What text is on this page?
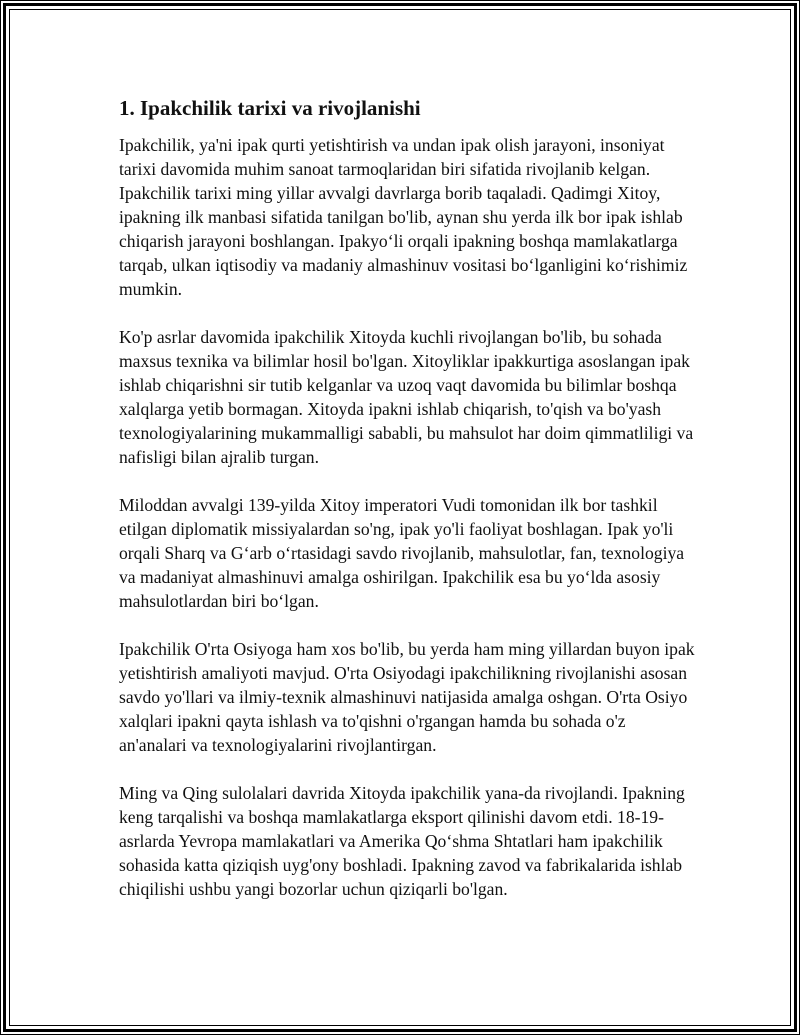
1. Ipakchilik tarixi va rivojlanishi

Ipakchilik, ya'ni ipak qurti yetishtirish va undan ipak olish jarayoni, insoniyat tarixi davomida muhim sanoat tarmoqlaridan biri sifatida rivojlanib kelgan. Ipakchilik tarixi ming yillar avvalgi davrlarga borib taqaladi. Qadimgi Xitoy, ipakning ilk manbasi sifatida tanilgan bo'lib, aynan shu yerda ilk bor ipak ishlab chiqarish jarayoni boshlangan. Ipakyo‘li orqali ipakning boshqa mamlakatlarga tarqab, ulkan iqtisodiy va madaniy almashinuv vositasi bo‘lganligini ko‘rishimiz mumkin.

Ko'p asrlar davomida ipakchilik Xitoyda kuchli rivojlangan bo'lib, bu sohada maxsus texnika va bilimlar hosil bo'lgan. Xitoyliklar ipakkurtiga asoslangan ipak ishlab chiqarishni sir tutib kelganlar va uzoq vaqt davomida bu bilimlar boshqa xalqlarga yetib bormagan. Xitoyda ipakni ishlab chiqarish, to'qish va bo'yash texnologiyalarining mukammalligi sababli, bu mahsulot har doim qimmatliligi va nafisligi bilan ajralib turgan.

Miloddan avvalgi 139-yilda Xitoy imperatori Vudi tomonidan ilk bor tashkil etilgan diplomatik missiyalardan so'ng, ipak yo'li faoliyat boshlagan. Ipak yo'li orqali Sharq va G‘arb o‘rtasidagi savdo rivojlanib, mahsulotlar, fan, texnologiya va madaniyat almashinuvi amalga oshirilgan. Ipakchilik esa bu yo‘lda asosiy mahsulotlardan biri bo‘lgan.

Ipakchilik O'rta Osiyoga ham xos bo'lib, bu yerda ham ming yillardan buyon ipak yetishtirish amaliyoti mavjud. O'rta Osiyodagi ipakchilikning rivojlanishi asosan savdo yo'llari va ilmiy-texnik almashinuvi natijasida amalga oshgan. O'rta Osiyo xalqlari ipakni qayta ishlash va to'qishni o'rgangan hamda bu sohada o'z an'analari va texnologiyalarini rivojlantirgan.

Ming va Qing sulolalari davrida Xitoyda ipakchilik yana-da rivojlandi. Ipakning keng tarqalishi va boshqa mamlakatlarga eksport qilinishi davom etdi. 18-19-asrlarda Yevropa mamlakatlari va Amerika Qo‘shma Shtatlari ham ipakchilik sohasida katta qiziqish uyg'ony boshladi. Ipakning zavod va fabrikalarida ishlab chiqilishi ushbu yangi bozorlar uchun qiziqarli bo'lgan.
